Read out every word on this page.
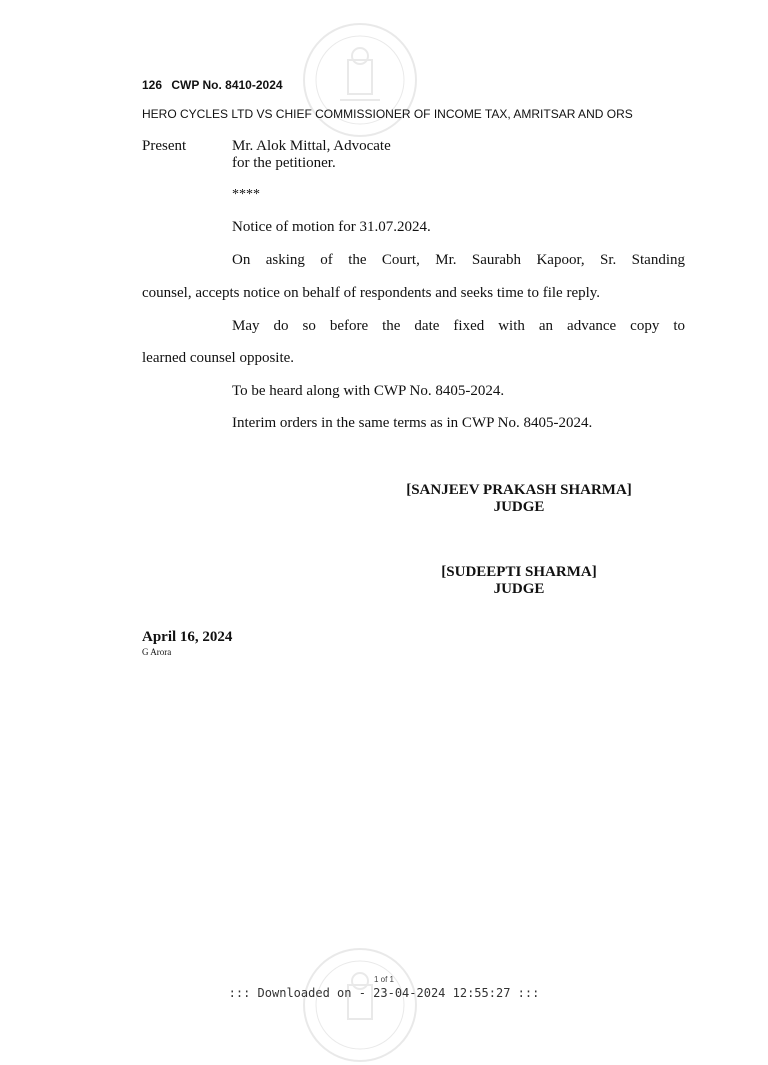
126 CWP No. 8410-2024
HERO CYCLES LTD VS CHIEF COMMISSIONER OF INCOME TAX, AMRITSAR AND ORS
Present	Mr. Alok Mittal, Advocate
for the petitioner.
****
Notice of motion for 31.07.2024.
On asking of the Court, Mr. Saurabh Kapoor, Sr. Standing
counsel, accepts notice on behalf of respondents and seeks time to file reply.
May do so before the date fixed with an advance copy to
learned counsel opposite.
To be heard along with CWP No. 8405-2024.
Interim orders in the same terms as in CWP No. 8405-2024.
[SANJEEV PRAKASH SHARMA]
JUDGE
[SUDEEPTI SHARMA]
JUDGE
April 16, 2024
G Arora
1 of 1
::: Downloaded on - 23-04-2024 12:55:27 :::
